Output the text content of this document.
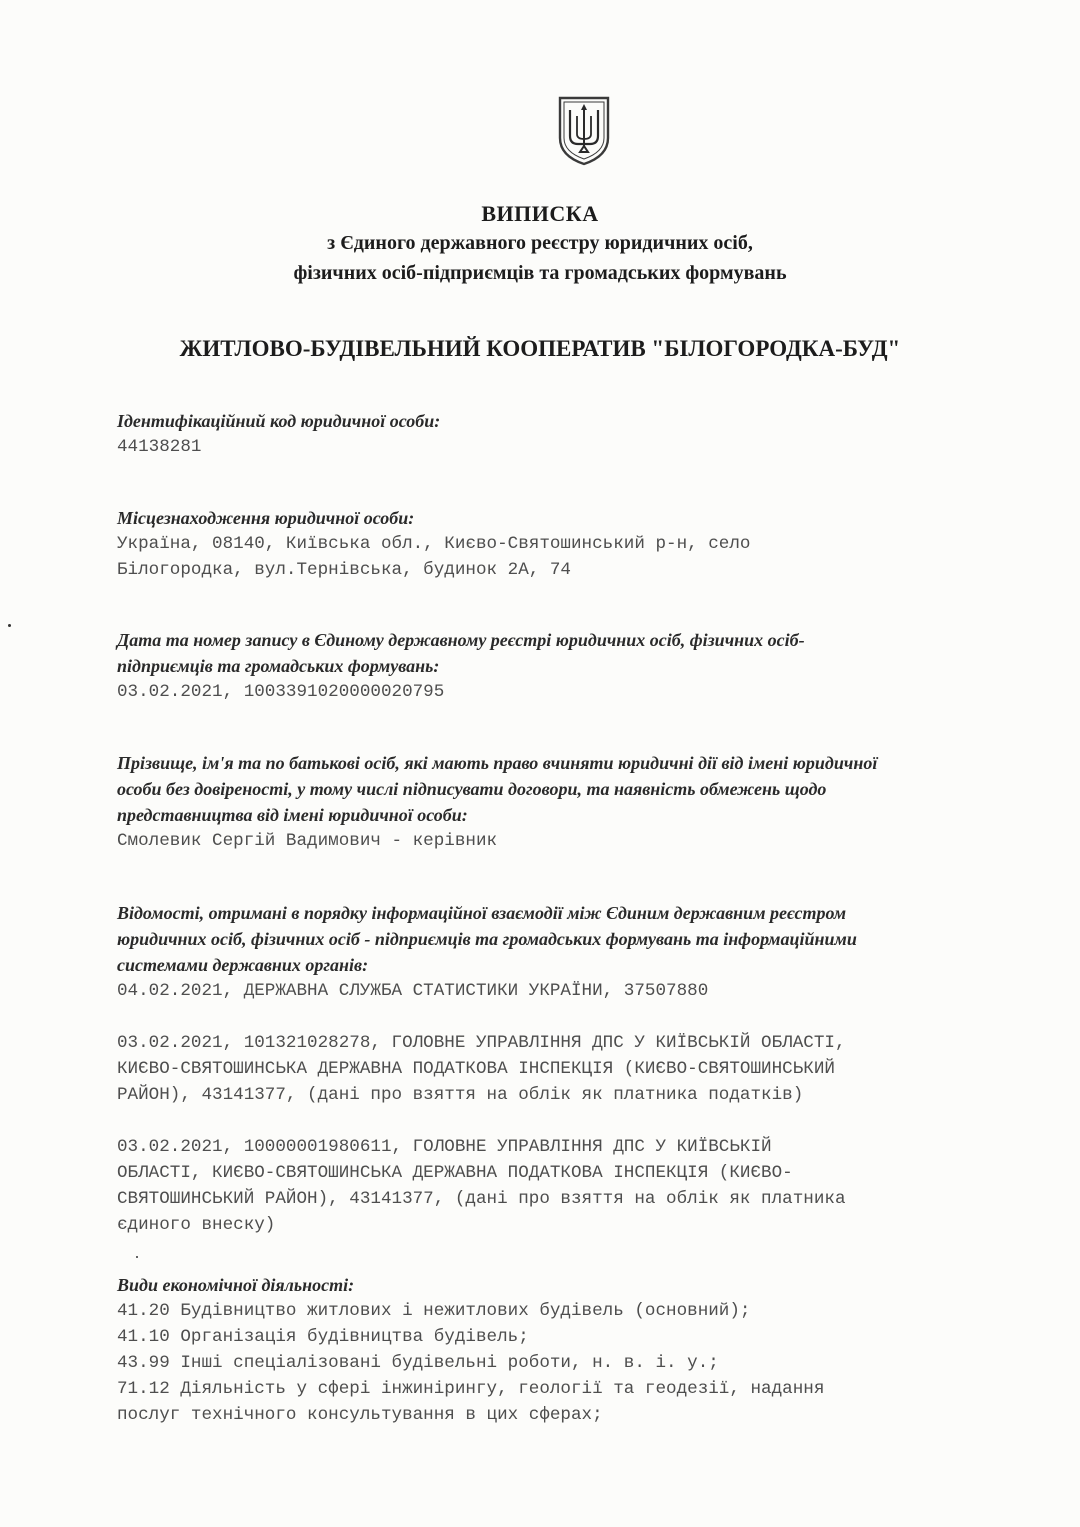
ВИПИСКА
з Єдиного державного реєстру юридичних осіб,
фізичних осіб-підприємців та громадських формувань
ЖИТЛОВО-БУДІВЕЛЬНИЙ КООПЕРАТИВ "БІЛОГОРОДКА-БУД"

Ідентифікаційний код юридичної особи:

44138281

Місцезнаходження юридичної особи:

Україна, 08140, Київська обл., Києво-Святошинський р-н, село

Білогородка, вул.Тернівська, будинок 2А, 74

Дата та номер запису в Єдиному державному реєстрі юридичних осіб, фізичних осіб-

підприємців та громадських формувань:

03.02.2021, 1003391020000020795

Прізвище, ім'я та по батькові осіб, які мають право вчиняти юридичні дії від імені юридичної

особи без довіреності, у тому числі підписувати договори, та наявність обмежень щодо

представництва від імені юридичної особи:

Смолевик Сергій Вадимович - керівник

Відомості, отримані в порядку інформаційної взаємодії між Єдиним державним реєстром

юридичних осіб, фізичних осіб - підприємців та громадських формувань та інформаційними

системами державних органів:

04.02.2021, ДЕРЖАВНА СЛУЖБА СТАТИСТИКИ УКРАЇНИ, 37507880

03.02.2021, 101321028278, ГОЛОВНЕ УПРАВЛІННЯ ДПС У КИЇВСЬКІЙ ОБЛАСТІ,

КИЄВО-СВЯТОШИНСЬКА ДЕРЖАВНА ПОДАТКОВА ІНСПЕКЦІЯ (КИЄВО-СВЯТОШИНСЬКИЙ

РАЙОН), 43141377, (дані про взяття на облік як платника податків)

03.02.2021, 10000001980611, ГОЛОВНЕ УПРАВЛІННЯ ДПС У КИЇВСЬКІЙ

ОБЛАСТІ, КИЄВО-СВЯТОШИНСЬКА ДЕРЖАВНА ПОДАТКОВА ІНСПЕКЦІЯ (КИЄВО-

СВЯТОШИНСЬКИЙ РАЙОН), 43141377, (дані про взяття на облік як платника

єдиного внеску)

Види економічної діяльності:

41.20 Будівництво житлових і нежитлових будівель (основний);

41.10 Організація будівництва будівель;

43.99 Інші спеціалізовані будівельні роботи, н. в. і. у.;

71.12 Діяльність у сфері інжинірингу, геології та геодезії, надання

послуг технічного консультування в цих сферах;
